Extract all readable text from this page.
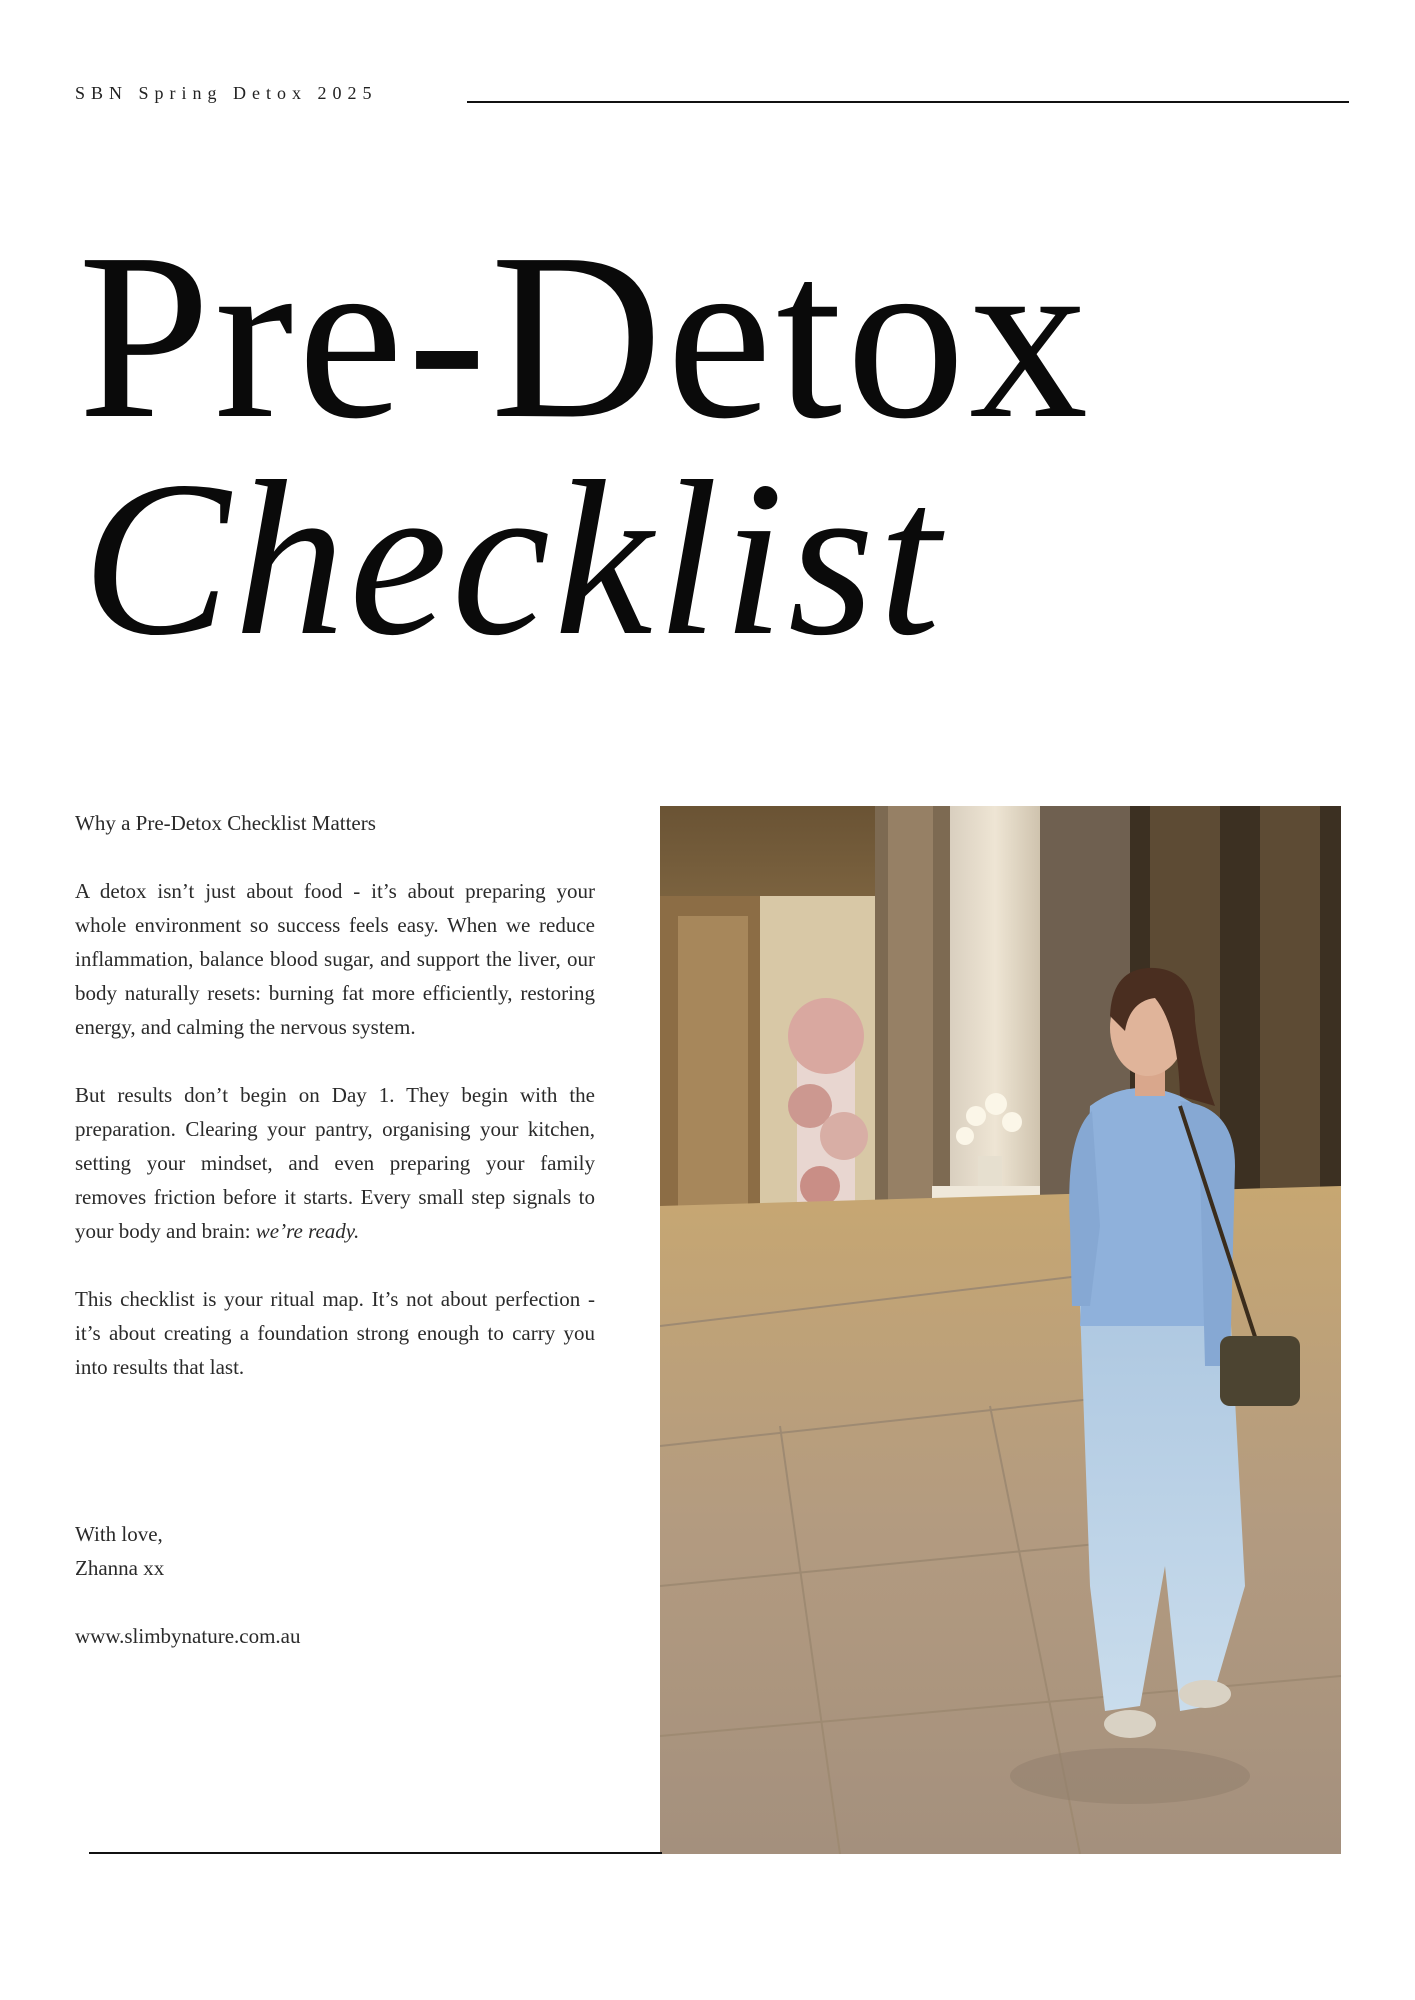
SBN Spring Detox 2025
Pre-Detox
Checklist

Why a Pre-Detox Checklist Matters

A detox isn’t just about food - it’s about preparing your whole environment so success feels easy. When we reduce inflammation, balance blood sugar, and support the liver, our body naturally resets: burning fat more efficiently, restoring energy, and calming the nervous system.

But results don’t begin on Day 1. They begin with the preparation. Clearing your pantry, organising your kitchen, setting your mindset, and even preparing your family removes friction before it starts. Every small step signals to your body and brain: we’re ready.

This checklist is your ritual map. It’s not about perfection - it’s about creating a foundation strong enough to carry you into results that last.

With love,
Zhanna xx
www.slimbynature.com.au
